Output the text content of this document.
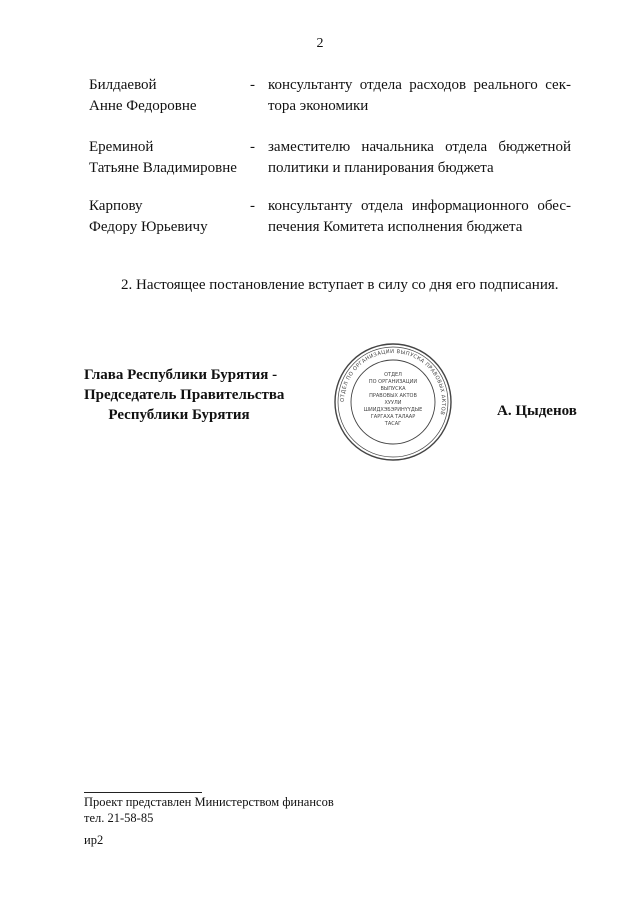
2
Билдаевой
Анне Федоровне
- консультанту отдела расходов реального сек-
тора экономики
Ереминой
Татьяне Владимировне
- заместителю начальника отдела бюджетной
политики и планирования бюджета
Карпову
Федору Юрьевичу
- консультанту отдела информационного обес-
печения Комитета исполнения бюджета
2. Настоящее постановление вступает в силу со дня его подписания.
Глава Республики Бурятия -
Председатель Правительства
Республики Бурятия
ОТДЕЛ ПО ОРГАНИЗАЦИИ ВЫПУСКА ПРАВОВЫХ АКТОВ
ОТДЕЛ
ПО ОРГАНИЗАЦИИ
ВЫПУСКА
ПРАВОВЫХ АКТОВ
ХУУЛИ
ШИИДХЭБЭРИНҮҮДЫЕ
ГАРГАХА ТАЛААР
ТАСАГ
А. Цыденов
Проект представлен Министерством финансов
тел. 21-58-85
ир2
